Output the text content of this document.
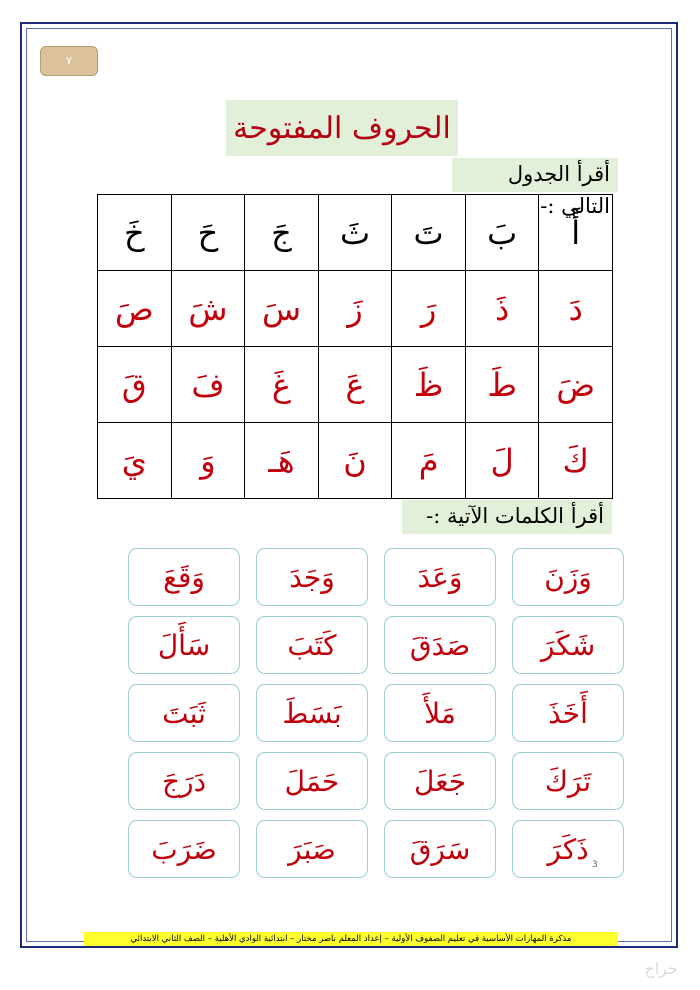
٧
الحروف المفتوحة
أقرأ الجدول التالي :-
أَ	بَ	تَ	ثَ	جَ	حَ	خَ
دَ	ذَ	رَ	زَ	سَ	شَ	صَ
ضَ	طَ	ظَ	عَ	غَ	فَ	قَ
كَ	لَ	مَ	نَ	هَـ	وَ	يَ
أقرأ الكلمات الآتية :-
وَزَنَ
وَعَدَ
وَجَدَ
وَقَعَ
شَكَرَ
صَدَقَ
كَتَبَ
سَأَلَ
أَخَذَ
مَلأَ
بَسَطَ
ثَبَتَ
تَرَكَ
جَعَلَ
حَمَلَ
دَرَجَ
ذَكَرَ
سَرَقَ
صَبَرَ
ضَرَبَ	3
مذكرة المهارات الأساسية في تعليم الصفوف الأولية – إعداد المعلم ناصر مختار – ابتدائية الوادي الأهلية – الصف الثاني الابتدائي
حراج
